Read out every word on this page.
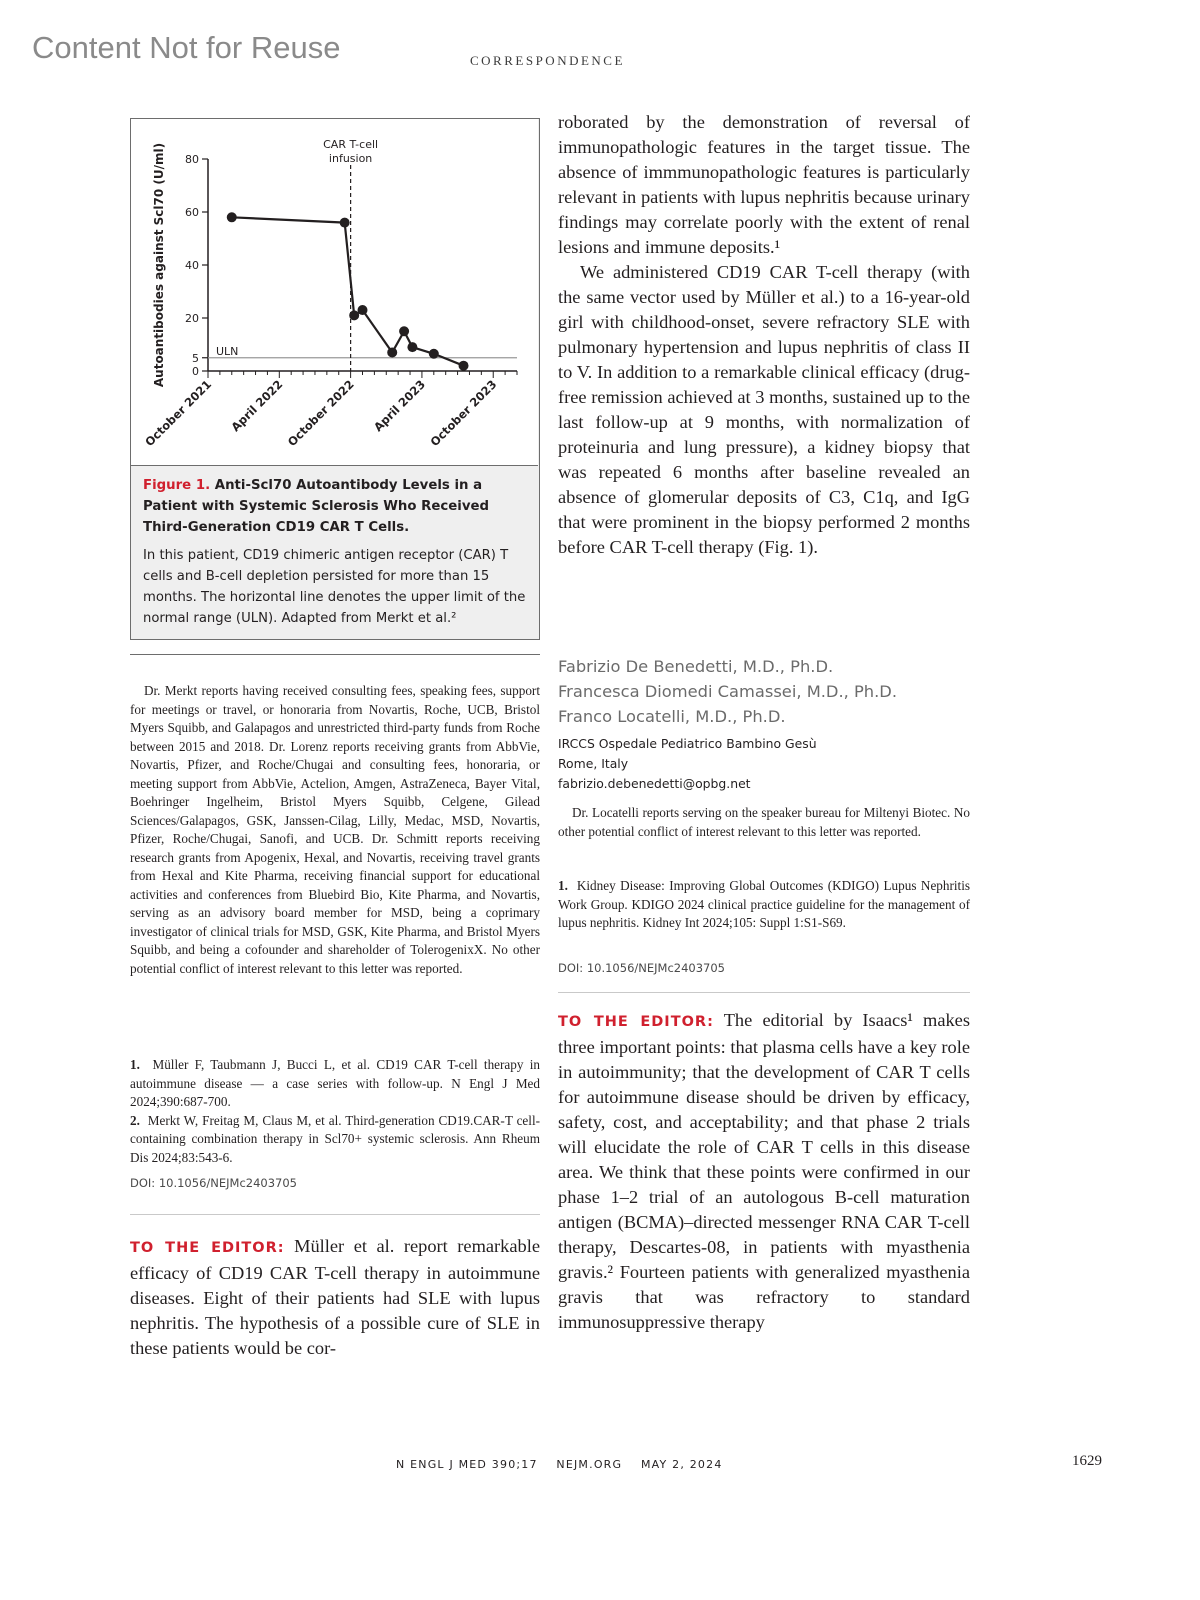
Content Not for Reuse	CORRESPONDENCE
80
60
40
20
5
0
Autoantibodies against Scl70 (U/ml)
October 2021 April 2022 October 2022 April 2023 October 2023
ULN
CAR T-cell
infusion
Figure 1. Anti-Scl70 Autoantibody Levels in a Patient with Systemic Sclerosis Who Received Third-Generation CD19 CAR T Cells.
In this patient, CD19 chimeric antigen receptor (CAR) T cells and B-cell depletion persisted for more than 15 months. The horizontal line denotes the upper limit of the normal range (ULN). Adapted from Merkt et al.²

Dr. Merkt reports having received consulting fees, speaking fees, support for meetings or travel, or honoraria from Novartis, Roche, UCB, Bristol Myers Squibb, and Galapagos and unrestricted third-party funds from Roche between 2015 and 2018. Dr. Lorenz reports receiving grants from AbbVie, Novartis, Pfizer, and Roche/Chugai and consulting fees, honoraria, or meeting support from AbbVie, Actelion, Amgen, AstraZeneca, Bayer Vital, Boehringer Ingelheim, Bristol Myers Squibb, Celgene, Gilead Sciences/Galapagos, GSK, Janssen-Cilag, Lilly, Medac, MSD, Novartis, Pfizer, Roche/Chugai, Sanofi, and UCB. Dr. Schmitt reports receiving research grants from Apogenix, Hexal, and Novartis, receiving travel grants from Hexal and Kite Pharma, receiving financial support for educational activities and conferences from Bluebird Bio, Kite Pharma, and Novartis, serving as an advisory board member for MSD, being a coprimary investigator of clinical trials for MSD, GSK, Kite Pharma, and Bristol Myers Squibb, and being a cofounder and shareholder of TolerogenixX. No other potential conflict of interest relevant to this letter was reported.

1. Müller F, Taubmann J, Bucci L, et al. CD19 CAR T-cell therapy in autoimmune disease — a case series with follow-up. N Engl J Med 2024;390:687-700.

2. Merkt W, Freitag M, Claus M, et al. Third-generation CD19.CAR-T cell-containing combination therapy in Scl70+ systemic sclerosis. Ann Rheum Dis 2024;83:543-6.

DOI: 10.1056/NEJMc2403705

TO THE EDITOR: Müller et al. report remarkable efficacy of CD19 CAR T-cell therapy in autoimmune diseases. Eight of their patients had SLE with lupus nephritis. The hypothesis of a possible cure of SLE in these patients would be cor-

roborated by the demonstration of reversal of immunopathologic features in the target tissue. The absence of immmunopathologic features is particularly relevant in patients with lupus nephritis because urinary findings may correlate poorly with the extent of renal lesions and immune deposits.¹

We administered CD19 CAR T-cell therapy (with the same vector used by Müller et al.) to a 16-year-old girl with childhood-onset, severe refractory SLE with pulmonary hypertension and lupus nephritis of class II to V. In addition to a remarkable clinical efficacy (drug-free remission achieved at 3 months, sustained up to the last follow-up at 9 months, with normalization of proteinuria and lung pressure), a kidney biopsy that was repeated 6 months after baseline revealed an absence of glomerular deposits of C3, C1q, and IgG that were prominent in the biopsy performed 2 months before CAR T-cell therapy (Fig. 1).

Fabrizio De Benedetti, M.D., Ph.D.
Francesca Diomedi Camassei, M.D., Ph.D.
Franco Locatelli, M.D., Ph.D.
IRCCS Ospedale Pediatrico Bambino Gesù
Rome, Italy
fabrizio.debenedetti@opbg.net

Dr. Locatelli reports serving on the speaker bureau for Miltenyi Biotec. No other potential conflict of interest relevant to this letter was reported.

1. Kidney Disease: Improving Global Outcomes (KDIGO) Lupus Nephritis Work Group. KDIGO 2024 clinical practice guideline for the management of lupus nephritis. Kidney Int 2024;105: Suppl 1:S1-S69.

DOI: 10.1056/NEJMc2403705

TO THE EDITOR: The editorial by Isaacs¹ makes three important points: that plasma cells have a key role in autoimmunity; that the development of CAR T cells for autoimmune disease should be driven by efficacy, safety, cost, and acceptability; and that phase 2 trials will elucidate the role of CAR T cells in this disease area. We think that these points were confirmed in our phase 1–2 trial of an autologous B-cell maturation antigen (BCMA)–directed messenger RNA CAR T-cell therapy, Descartes-08, in patients with myasthenia gravis.² Fourteen patients with generalized myasthenia gravis that was refractory to standard immunosuppressive therapy

N ENGL J MED 390;17 NEJM.ORG MAY 2, 2024	1629
